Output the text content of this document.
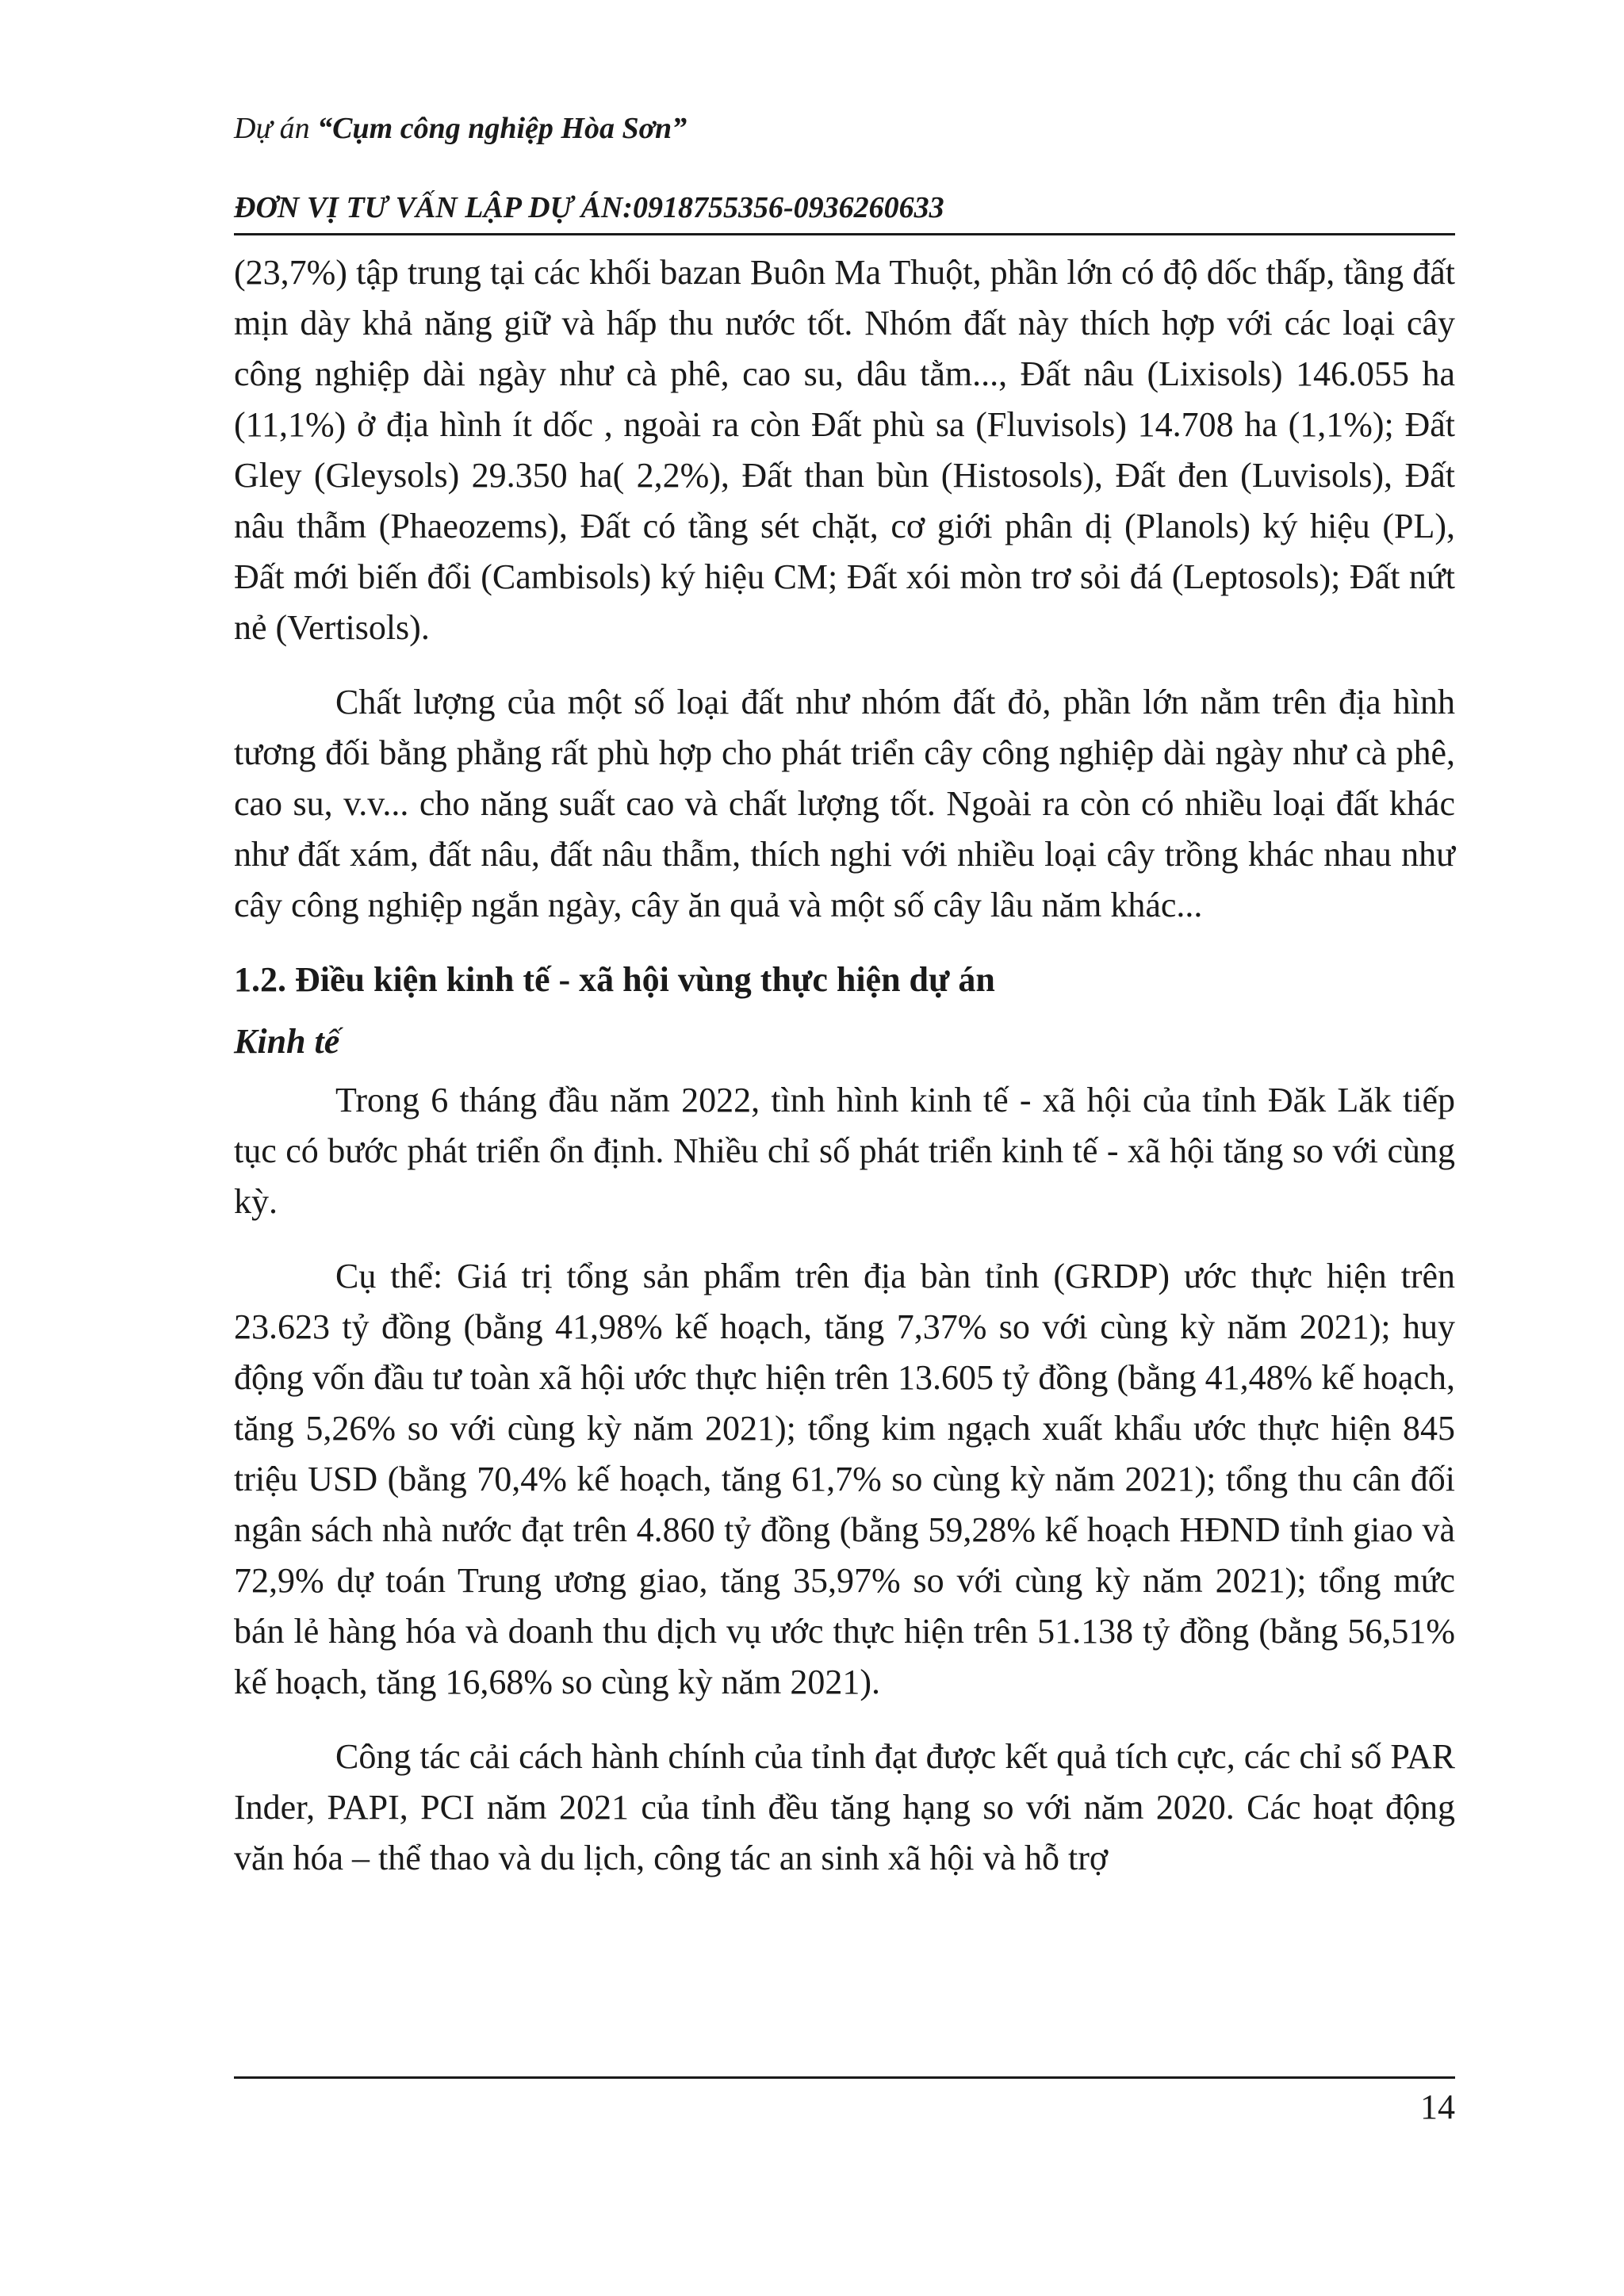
Dự án “Cụm công nghiệp Hòa Sơn”
ĐƠN VỊ TƯ VẤN LẬP DỰ ÁN:0918755356-0936260633

(23,7%) tập trung tại các khối bazan Buôn Ma Thuột, phần lớn có độ dốc thấp, tầng đất mịn dày khả năng giữ và hấp thu nước tốt. Nhóm đất này thích hợp với các loại cây công nghiệp dài ngày như cà phê, cao su, dâu tằm..., Đất nâu (Lixisols) 146.055 ha (11,1%) ở địa hình ít dốc , ngoài ra còn Đất phù sa (Fluvisols) 14.708 ha (1,1%); Đất Gley (Gleysols) 29.350 ha( 2,2%), Đất than bùn (Histosols), Đất đen (Luvisols), Đất nâu thẫm (Phaeozems), Đất có tầng sét chặt, cơ giới phân dị (Planols) ký hiệu (PL), Đất mới biến đổi (Cambisols) ký hiệu CM; Đất xói mòn trơ sỏi đá (Leptosols); Đất nứt nẻ (Vertisols).

Chất lượng của một số loại đất như nhóm đất đỏ, phần lớn nằm trên địa hình tương đối bằng phẳng rất phù hợp cho phát triển cây công nghiệp dài ngày như cà phê, cao su, v.v... cho năng suất cao và chất lượng tốt. Ngoài ra còn có nhiều loại đất khác như đất xám, đất nâu, đất nâu thẫm, thích nghi với nhiều loại cây trồng khác nhau như cây công nghiệp ngắn ngày, cây ăn quả và một số cây lâu năm khác...

1.2. Điều kiện kinh tế - xã hội vùng thực hiện dự án
Kinh tế

Trong 6 tháng đầu năm 2022, tình hình kinh tế - xã hội của tỉnh Đăk Lăk tiếp tục có bước phát triển ổn định. Nhiều chỉ số phát triển kinh tế - xã hội tăng so với cùng kỳ.

Cụ thể: Giá trị tổng sản phẩm trên địa bàn tỉnh (GRDP) ước thực hiện trên 23.623 tỷ đồng (bằng 41,98% kế hoạch, tăng 7,37% so với cùng kỳ năm 2021); huy động vốn đầu tư toàn xã hội ước thực hiện trên 13.605 tỷ đồng (bằng 41,48% kế hoạch, tăng 5,26% so với cùng kỳ năm 2021); tổng kim ngạch xuất khẩu ước thực hiện 845 triệu USD (bằng 70,4% kế hoạch, tăng 61,7% so cùng kỳ năm 2021); tổng thu cân đối ngân sách nhà nước đạt trên 4.860 tỷ đồng (bằng 59,28% kế hoạch HĐND tỉnh giao và 72,9% dự toán Trung ương giao, tăng 35,97% so với cùng kỳ năm 2021); tổng mức bán lẻ hàng hóa và doanh thu dịch vụ ước thực hiện trên 51.138 tỷ đồng (bằng 56,51% kế hoạch, tăng 16,68% so cùng kỳ năm 2021).

Công tác cải cách hành chính của tỉnh đạt được kết quả tích cực, các chỉ số PAR Inder, PAPI, PCI năm 2021 của tỉnh đều tăng hạng so với năm 2020. Các hoạt động văn hóa – thể thao và du lịch, công tác an sinh xã hội và hỗ trợ

14
